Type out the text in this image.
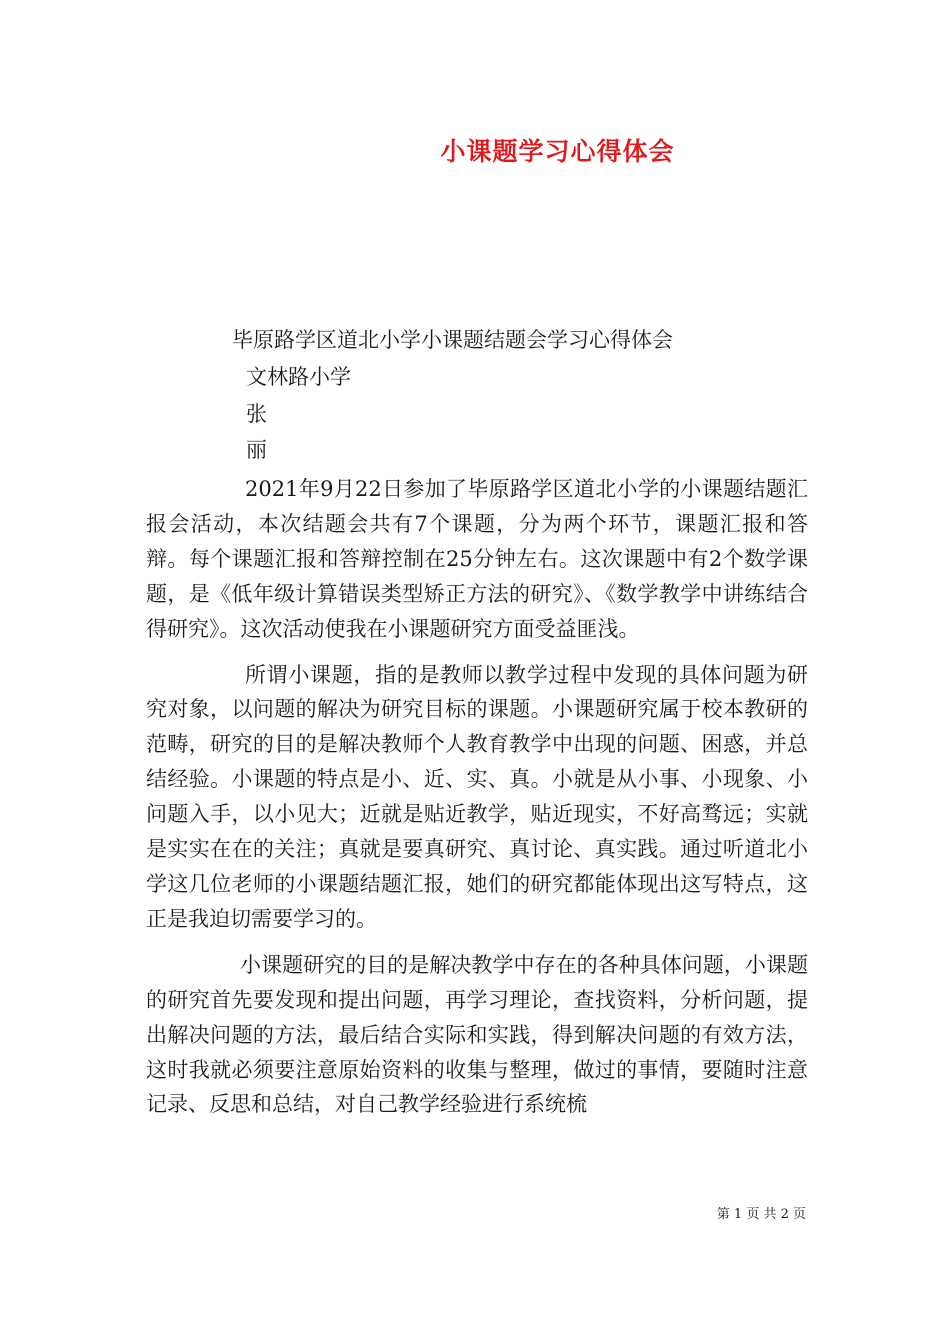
小课题学习心得体会
毕原路学区道北小学小课题结题会学习心得体会
文林路小学
张
丽

2021年9月22日参加了毕原路学区道北小学的小课题结题汇报会活动，本次结题会共有7个课题，分为两个环节，课题汇报和答辩。每个课题汇报和答辩控制在25分钟左右。这次课题中有2个数学课题，是《低年级计算错误类型矫正方法的研究》、《数学教学中讲练结合得研究》。这次活动使我在小课题研究方面受益匪浅。

所谓小课题，指的是教师以教学过程中发现的具体问题为研究对象，以问题的解决为研究目标的课题。小课题研究属于校本教研的范畴，研究的目的是解决教师个人教育教学中出现的问题、困惑，并总结经验。小课题的特点是小、近、实、真。小就是从小事、小现象、小问题入手，以小见大；近就是贴近教学，贴近现实，不好高骛远；实就是实实在在的关注；真就是要真研究、真讨论、真实践。通过听道北小学这几位老师的小课题结题汇报，她们的研究都能体现出这写特点，这正是我迫切需要学习的。

小课题研究的目的是解决教学中存在的各种具体问题，小课题的研究首先要发现和提出问题，再学习理论，查找资料，分析问题，提出解决问题的方法，最后结合实际和实践，得到解决问题的有效方法，这时我就必须要注意原始资料的收集与整理，做过的事情，要随时注意记录、反思和总结，对自己教学经验进行系统梳

第 1 页 共 2 页
